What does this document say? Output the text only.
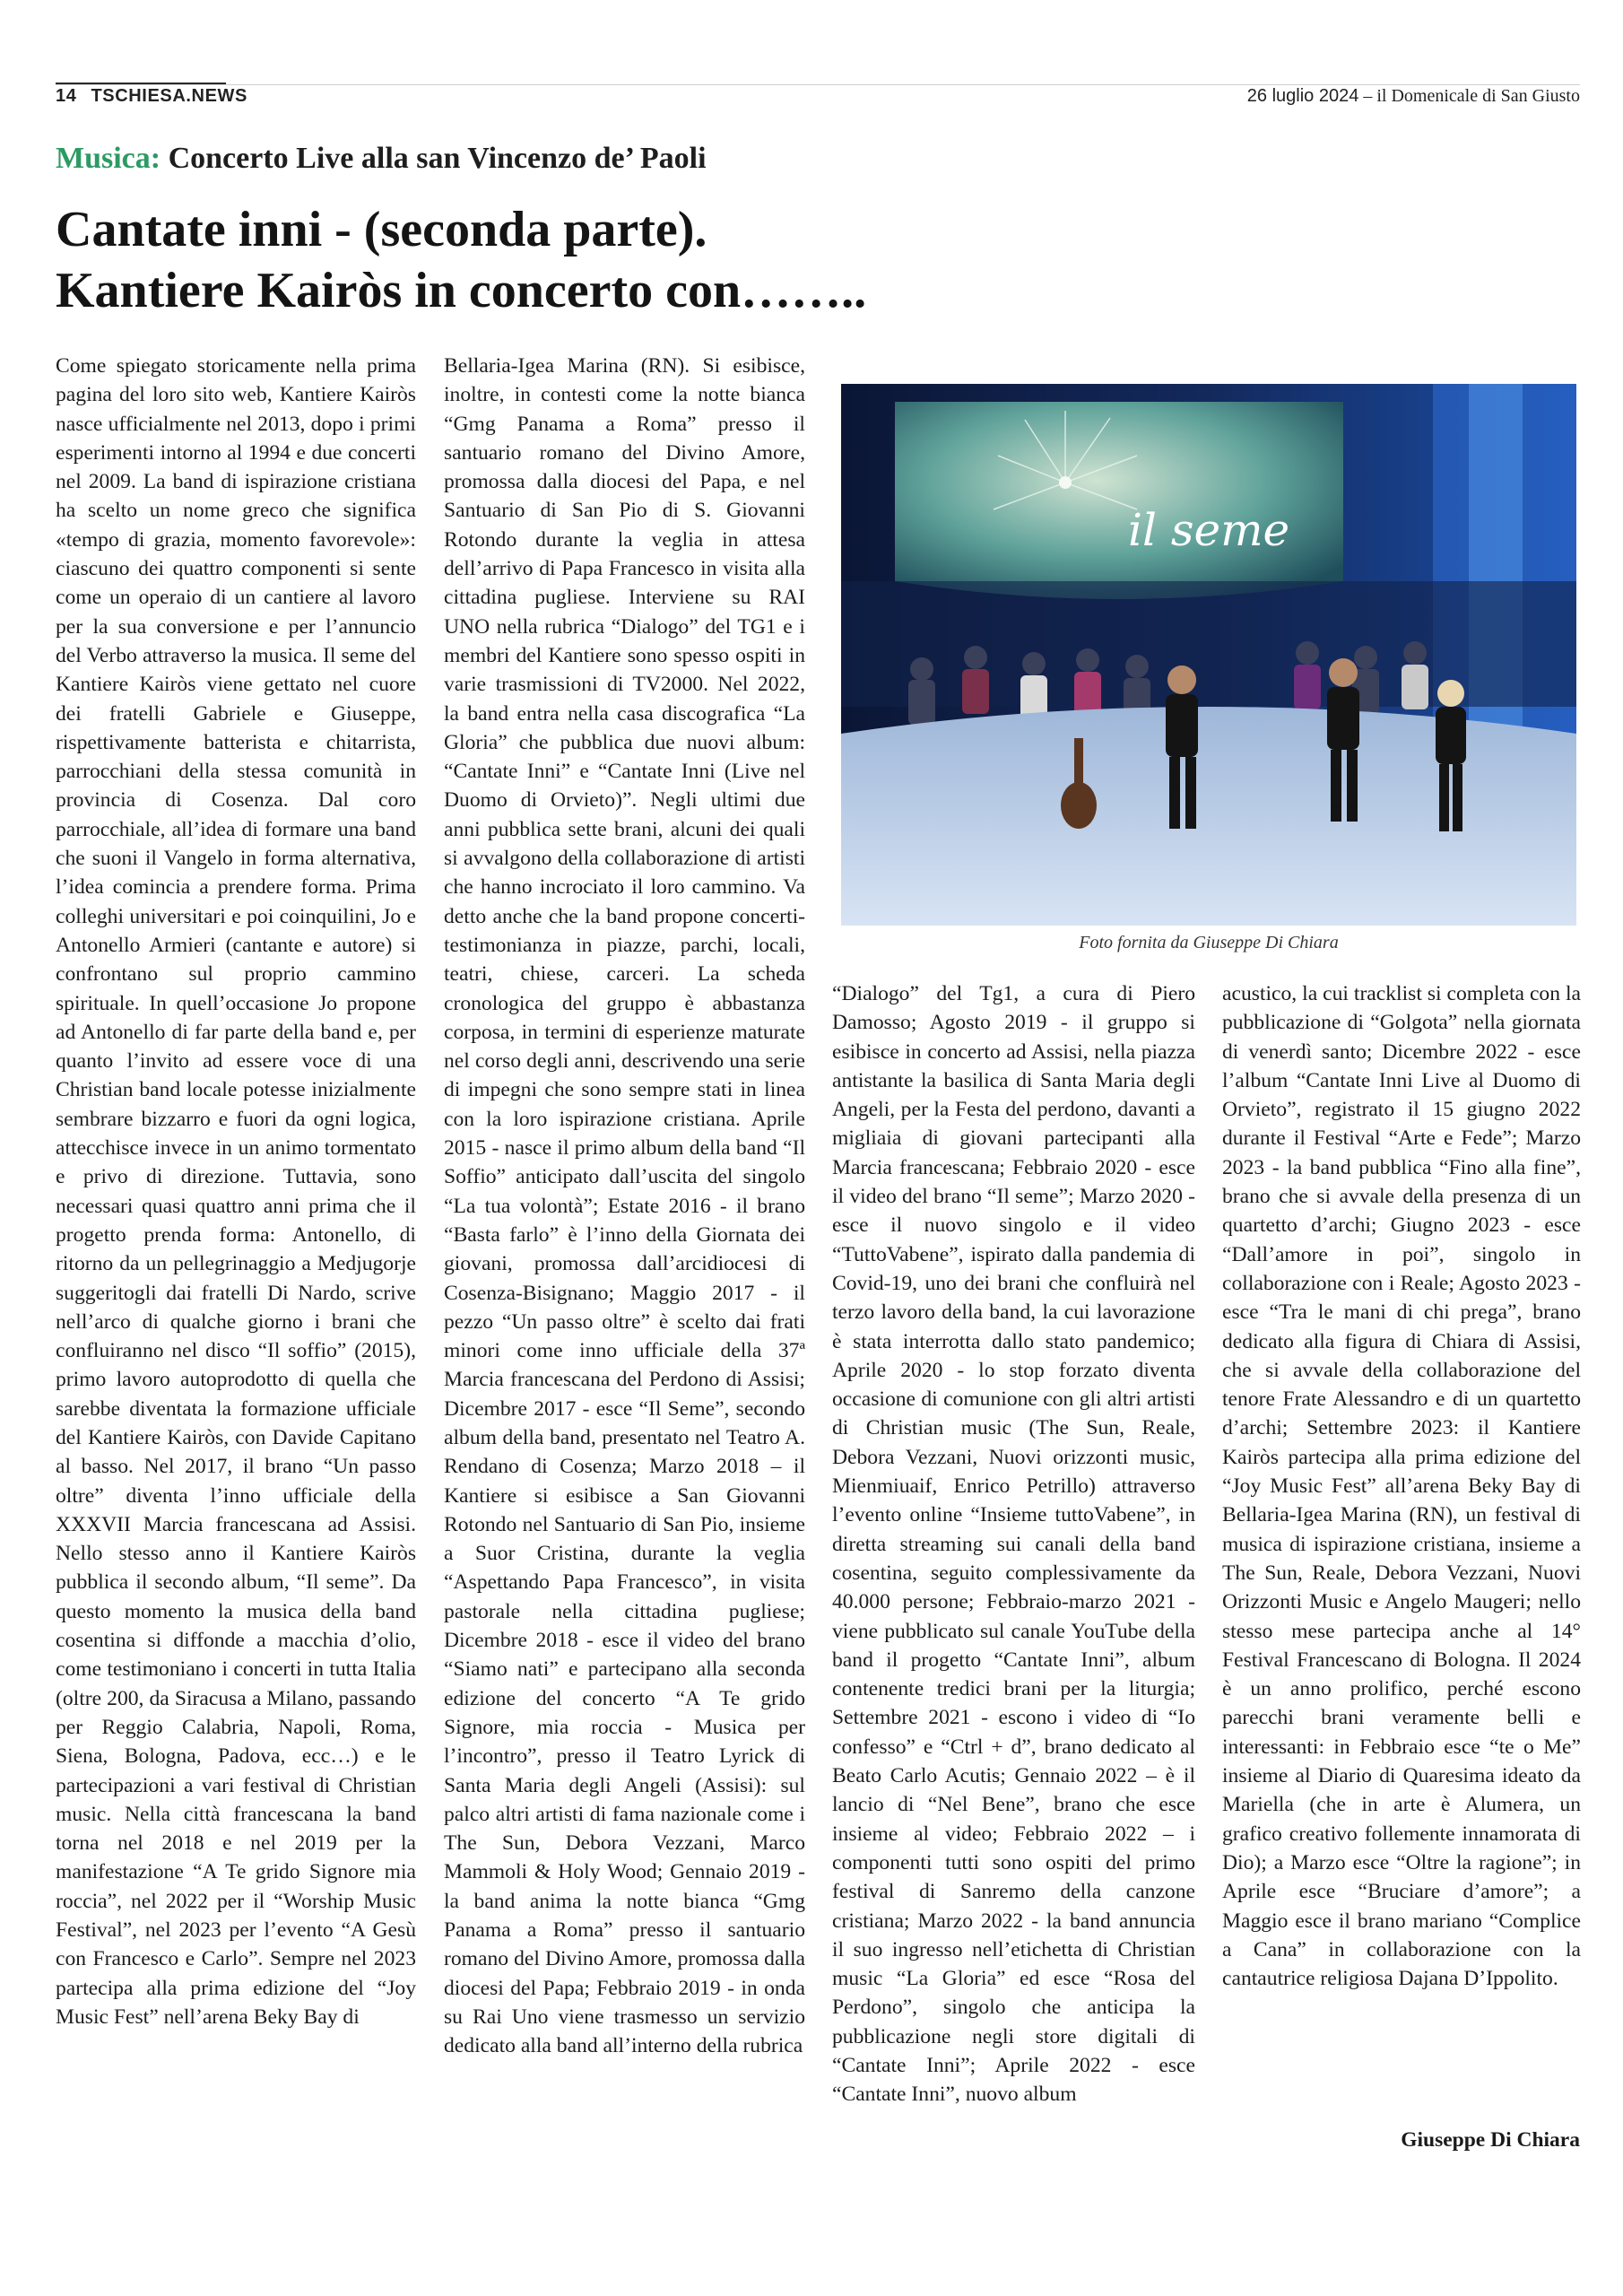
14 TSCHIESA.NEWS	26 luglio 2024 – il Domenicale di San Giusto
Musica: Concerto Live alla san Vincenzo de’ Paoli
Cantate inni - (seconda parte).
Kantiere Kairòs in concerto con……..

Come spiegato storicamente nella prima pagina del loro sito web, Kantiere Kairòs nasce ufficialmente nel 2013, dopo i primi esperimenti intorno al 1994 e due concerti nel 2009. La band di ispirazione cristiana ha scelto un nome greco che significa «tempo di grazia, momento favorevole»: ciascuno dei quattro componenti si sente come un operaio di un cantiere al lavoro per la sua conversione e per l’annuncio del Verbo attraverso la musica. Il seme del Kantiere Kairòs viene gettato nel cuore dei fratelli Gabriele e Giuseppe, rispettivamente batterista e chitarrista, parrocchiani della stessa comunità in provincia di Cosenza. Dal coro parrocchiale, all’idea di formare una band che suoni il Vangelo in forma alternativa, l’idea comincia a prendere forma. Prima colleghi universitari e poi coinquilini, Jo e Antonello Armieri (cantante e autore) si confrontano sul proprio cammino spirituale. In quell’occasione Jo propone ad Antonello di far parte della band e, per quanto l’invito ad essere voce di una Christian band locale potesse inizialmente sembrare bizzarro e fuori da ogni logica, attecchisce invece in un animo tormentato e privo di direzione. Tuttavia, sono necessari quasi quattro anni prima che il progetto prenda forma: Antonello, di ritorno da un pellegrinaggio a Medjugorje suggeritogli dai fratelli Di Nardo, scrive nell’arco di qualche giorno i brani che confluiranno nel disco “Il soffio” (2015), primo lavoro autoprodotto di quella che sarebbe diventata la formazione ufficiale del Kantiere Kairòs, con Davide Capitano al basso. Nel 2017, il brano “Un passo oltre” diventa l’inno ufficiale della XXXVII Marcia francescana ad Assisi. Nello stesso anno il Kantiere Kairòs pubblica il secondo album, “Il seme”. Da questo momento la musica della band cosentina si diffonde a macchia d’olio, come testimoniano i concerti in tutta Italia (oltre 200, da Siracusa a Milano, passando per Reggio Calabria, Napoli, Roma, Siena, Bologna, Padova, ecc…) e le partecipazioni a vari festival di Christian music. Nella città francescana la band torna nel 2018 e nel 2019 per la manifestazione “A Te grido Signore mia roccia”, nel 2022 per il “Worship Music Festival”, nel 2023 per l’evento “A Gesù con Francesco e Carlo”. Sempre nel 2023 partecipa alla prima edizione del “Joy Music Fest” nell’arena Beky Bay di

Bellaria-Igea Marina (RN). Si esibisce, inoltre, in contesti come la notte bianca “Gmg Panama a Roma” presso il santuario romano del Divino Amore, promossa dalla diocesi del Papa, e nel Santuario di San Pio di S. Giovanni Rotondo durante la veglia in attesa dell’arrivo di Papa Francesco in visita alla cittadina pugliese. Interviene su RAI UNO nella rubrica “Dialogo” del TG1 e i membri del Kantiere sono spesso ospiti in varie trasmissioni di TV2000. Nel 2022, la band entra nella casa discografica “La Gloria” che pubblica due nuovi album: “Cantate Inni” e “Cantate Inni (Live nel Duomo di Orvieto)”. Negli ultimi due anni pubblica sette brani, alcuni dei quali si avvalgono della collaborazione di artisti che hanno incrociato il loro cammino. Va detto anche che la band propone concerti-testimonianza in piazze, parchi, locali, teatri, chiese, carceri. La scheda cronologica del gruppo è abbastanza corposa, in termini di esperienze maturate nel corso degli anni, descrivendo una serie di impegni che sono sempre stati in linea con la loro ispirazione cristiana. Aprile 2015 - nasce il primo album della band “Il Soffio” anticipato dall’uscita del singolo “La tua volontà”; Estate 2016 - il brano “Basta farlo” è l’inno della Giornata dei giovani, promossa dall’arcidiocesi di Cosenza-Bisignano; Maggio 2017 - il pezzo “Un passo oltre” è scelto dai frati minori come inno ufficiale della 37ª Marcia francescana del Perdono di Assisi; Dicembre 2017 - esce “Il Seme”, secondo album della band, presentato nel Teatro A. Rendano di Cosenza; Marzo 2018 – il Kantiere si esibisce a San Giovanni Rotondo nel Santuario di San Pio, insieme a Suor Cristina, durante la veglia “Aspettando Papa Francesco”, in visita pastorale nella cittadina pugliese; Dicembre 2018 - esce il video del brano “Siamo nati” e partecipano alla seconda edizione del concerto “A Te grido Signore, mia roccia - Musica per l’incontro”, presso il Teatro Lyrick di Santa Maria degli Angeli (Assisi): sul palco altri artisti di fama nazionale come i The Sun, Debora Vezzani, Marco Mammoli & Holy Wood; Gennaio 2019 - la band anima la notte bianca “Gmg Panama a Roma” presso il santuario romano del Divino Amore, promossa dalla diocesi del Papa; Febbraio 2019 - in onda su Rai Uno viene trasmesso un servizio dedicato alla band all’interno della rubrica

il seme
Foto fornita da Giuseppe Di Chiara

“Dialogo” del Tg1, a cura di Piero Damosso; Agosto 2019 - il gruppo si esibisce in concerto ad Assisi, nella piazza antistante la basilica di Santa Maria degli Angeli, per la Festa del perdono, davanti a migliaia di giovani partecipanti alla Marcia francescana; Febbraio 2020 - esce il video del brano “Il seme”; Marzo 2020 - esce il nuovo singolo e il video “TuttoVabene”, ispirato dalla pandemia di Covid-19, uno dei brani che confluirà nel terzo lavoro della band, la cui lavorazione è stata interrotta dallo stato pandemico; Aprile 2020 - lo stop forzato diventa occasione di comunione con gli altri artisti di Christian music (The Sun, Reale, Debora Vezzani, Nuovi orizzonti music, Mienmiuaif, Enrico Petrillo) attraverso l’evento online “Insieme tuttoVabene”, in diretta streaming sui canali della band cosentina, seguito complessivamente da 40.000 persone; Febbraio-marzo 2021 - viene pubblicato sul canale YouTube della band il progetto “Cantate Inni”, album contenente tredici brani per la liturgia; Settembre 2021 - escono i video di “Io confesso” e “Ctrl + d”, brano dedicato al Beato Carlo Acutis; Gennaio 2022 – è il lancio di “Nel Bene”, brano che esce insieme al video; Febbraio 2022 – i componenti tutti sono ospiti del primo festival di Sanremo della canzone cristiana; Marzo 2022 - la band annuncia il suo ingresso nell’etichetta di Christian music “La Gloria” ed esce “Rosa del Perdono”, singolo che anticipa la pubblicazione negli store digitali di “Cantate Inni”; Aprile 2022 - esce “Cantate Inni”, nuovo album

acustico, la cui tracklist si completa con la pubblicazione di “Golgota” nella giornata di venerdì santo; Dicembre 2022 - esce l’album “Cantate Inni Live al Duomo di Orvieto”, registrato il 15 giugno 2022 durante il Festival “Arte e Fede”; Marzo 2023 - la band pubblica “Fino alla fine”, brano che si avvale della presenza di un quartetto d’archi; Giugno 2023 - esce “Dall’amore in poi”, singolo in collaborazione con i Reale; Agosto 2023 - esce “Tra le mani di chi prega”, brano dedicato alla figura di Chiara di Assisi, che si avvale della collaborazione del tenore Frate Alessandro e di un quartetto d’archi; Settembre 2023: il Kantiere Kairòs partecipa alla prima edizione del “Joy Music Fest” all’arena Beky Bay di Bellaria-Igea Marina (RN), un festival di musica di ispirazione cristiana, insieme a The Sun, Reale, Debora Vezzani, Nuovi Orizzonti Music e Angelo Maugeri; nello stesso mese partecipa anche al 14° Festival Francescano di Bologna. Il 2024 è un anno prolifico, perché escono parecchi brani veramente belli e interessanti: in Febbraio esce “te o Me” insieme al Diario di Quaresima ideato da Mariella (che in arte è Alumera, un grafico creativo follemente innamorata di Dio); a Marzo esce “Oltre la ragione”; in Aprile esce “Bruciare d’amore”; a Maggio esce il brano mariano “Complice a Cana” in collaborazione con la cantautrice religiosa Dajana D’Ippolito.

Giuseppe Di Chiara
